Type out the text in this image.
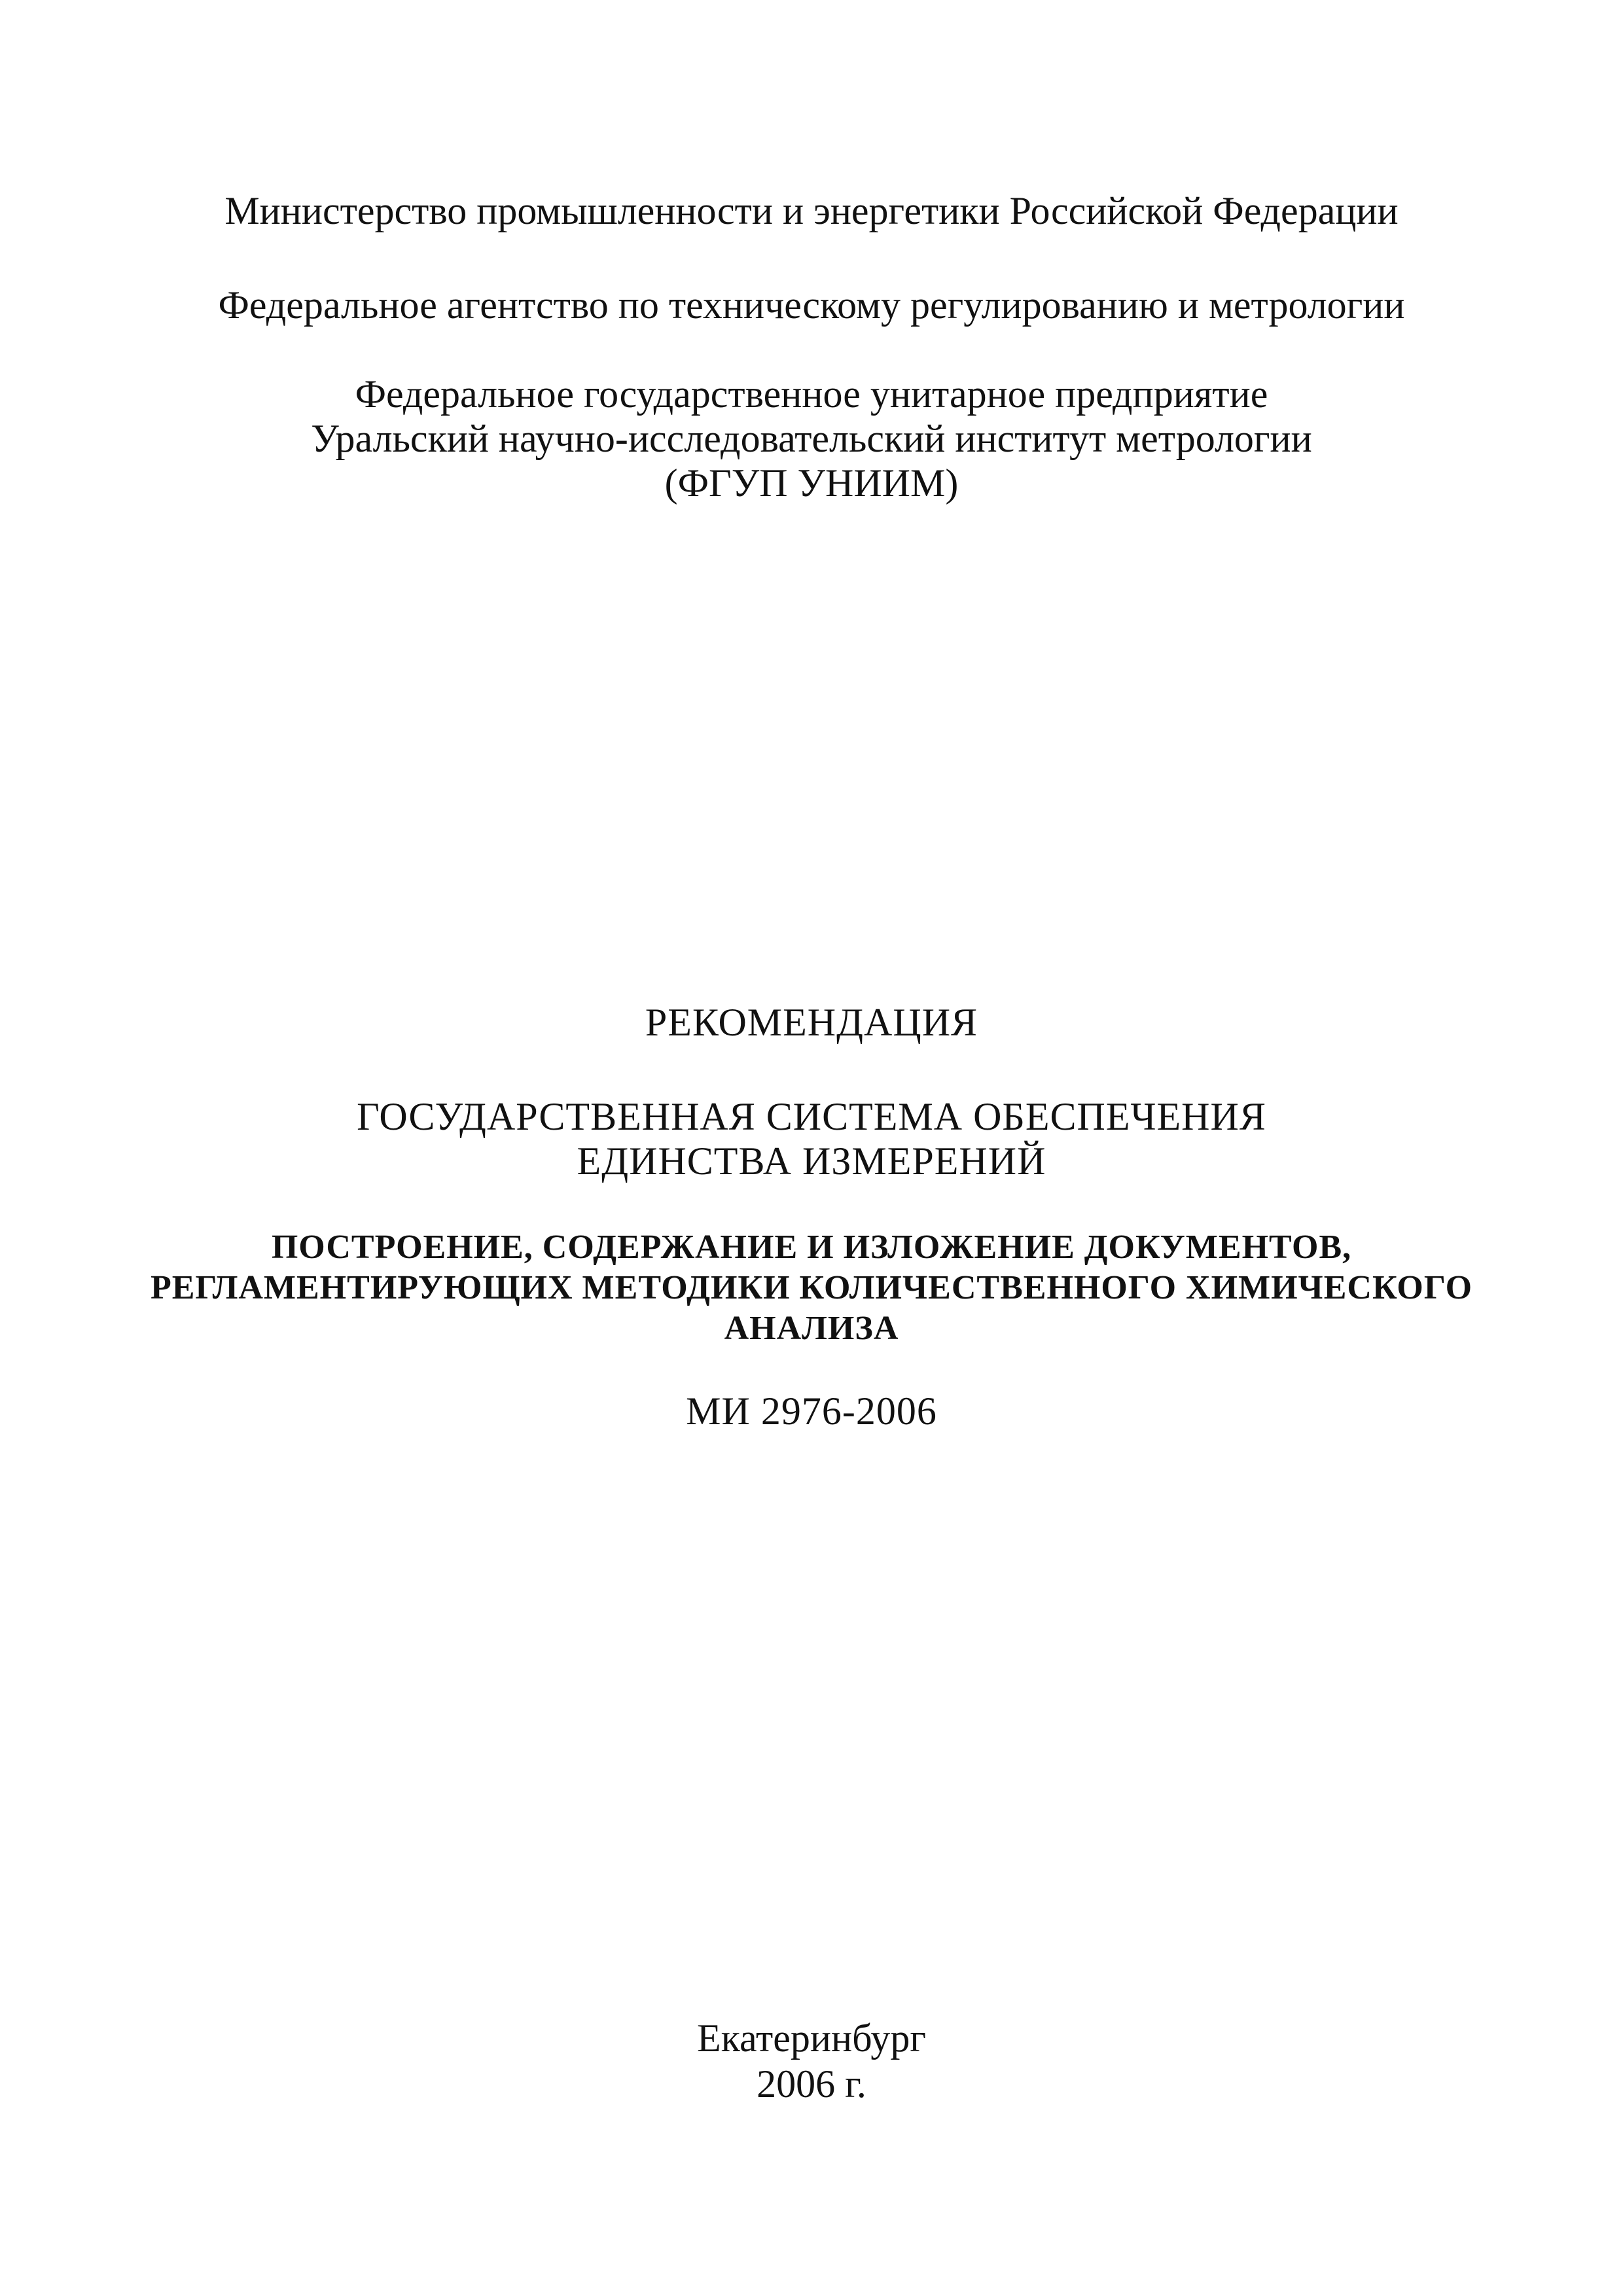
Министерство промышленности и энергетики Российской Федерации
Федеральное агентство по техническому регулированию и метрологии
Федеральное государственное унитарное предприятие
Уральский научно-исследовательский институт метрологии
(ФГУП УНИИМ)
РЕКОМЕНДАЦИЯ
ГОСУДАРСТВЕННАЯ СИСТЕМА ОБЕСПЕЧЕНИЯ
ЕДИНСТВА ИЗМЕРЕНИЙ
ПОСТРОЕНИЕ, СОДЕРЖАНИЕ И ИЗЛОЖЕНИЕ ДОКУМЕНТОВ,
РЕГЛАМЕНТИРУЮЩИХ МЕТОДИКИ КОЛИЧЕСТВЕННОГО ХИМИЧЕСКОГО
АНАЛИЗА
МИ 2976-2006
Екатеринбург
2006 г.
